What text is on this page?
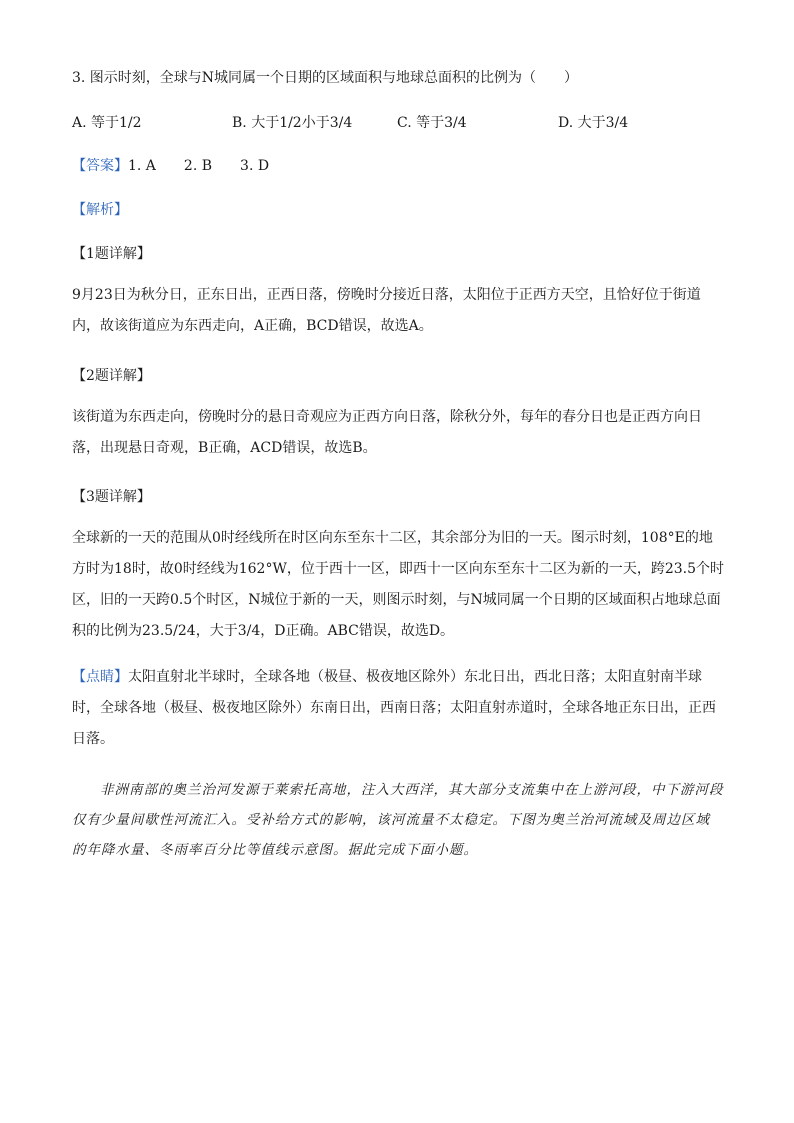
3. 图示时刻，全球与N城同属一个日期的区域面积与地球总面积的比例为（　　）
A. 等于1/2	B. 大于1/2小于3/4	C. 等于3/4	D. 大于3/4
【答案】1. A 2. B 3. D
【解析】
【1题详解】
9月23日为秋分日，正东日出，正西日落，傍晚时分接近日落，太阳位于正西方天空，且恰好位于街道内，故该街道应为东西走向，A正确，BCD错误，故选A。
【2题详解】
该街道为东西走向，傍晚时分的悬日奇观应为正西方向日落，除秋分外，每年的春分日也是正西方向日落，出现悬日奇观，B正确，ACD错误，故选B。
【3题详解】
全球新的一天的范围从0时经线所在时区向东至东十二区，其余部分为旧的一天。图示时刻，108°E的地方时为18时，故0时经线为162°W，位于西十一区，即西十一区向东至东十二区为新的一天，跨23.5个时区，旧的一天跨0.5个时区，N城位于新的一天，则图示时刻，与N城同属一个日期的区域面积占地球总面积的比例为23.5/24，大于3/4，D正确。ABC错误，故选D。
【点睛】太阳直射北半球时，全球各地（极昼、极夜地区除外）东北日出，西北日落；太阳直射南半球时，全球各地（极昼、极夜地区除外）东南日出，西南日落；太阳直射赤道时，全球各地正东日出，正西日落。
非洲南部的奥兰治河发源于莱索托高地，注入大西洋，其大部分支流集中在上游河段，中下游河段仅有少量间歇性河流汇入。受补给方式的影响，该河流量不太稳定。下图为奥兰治河流域及周边区域的年降水量、冬雨率百分比等值线示意图。据此完成下面小题。
